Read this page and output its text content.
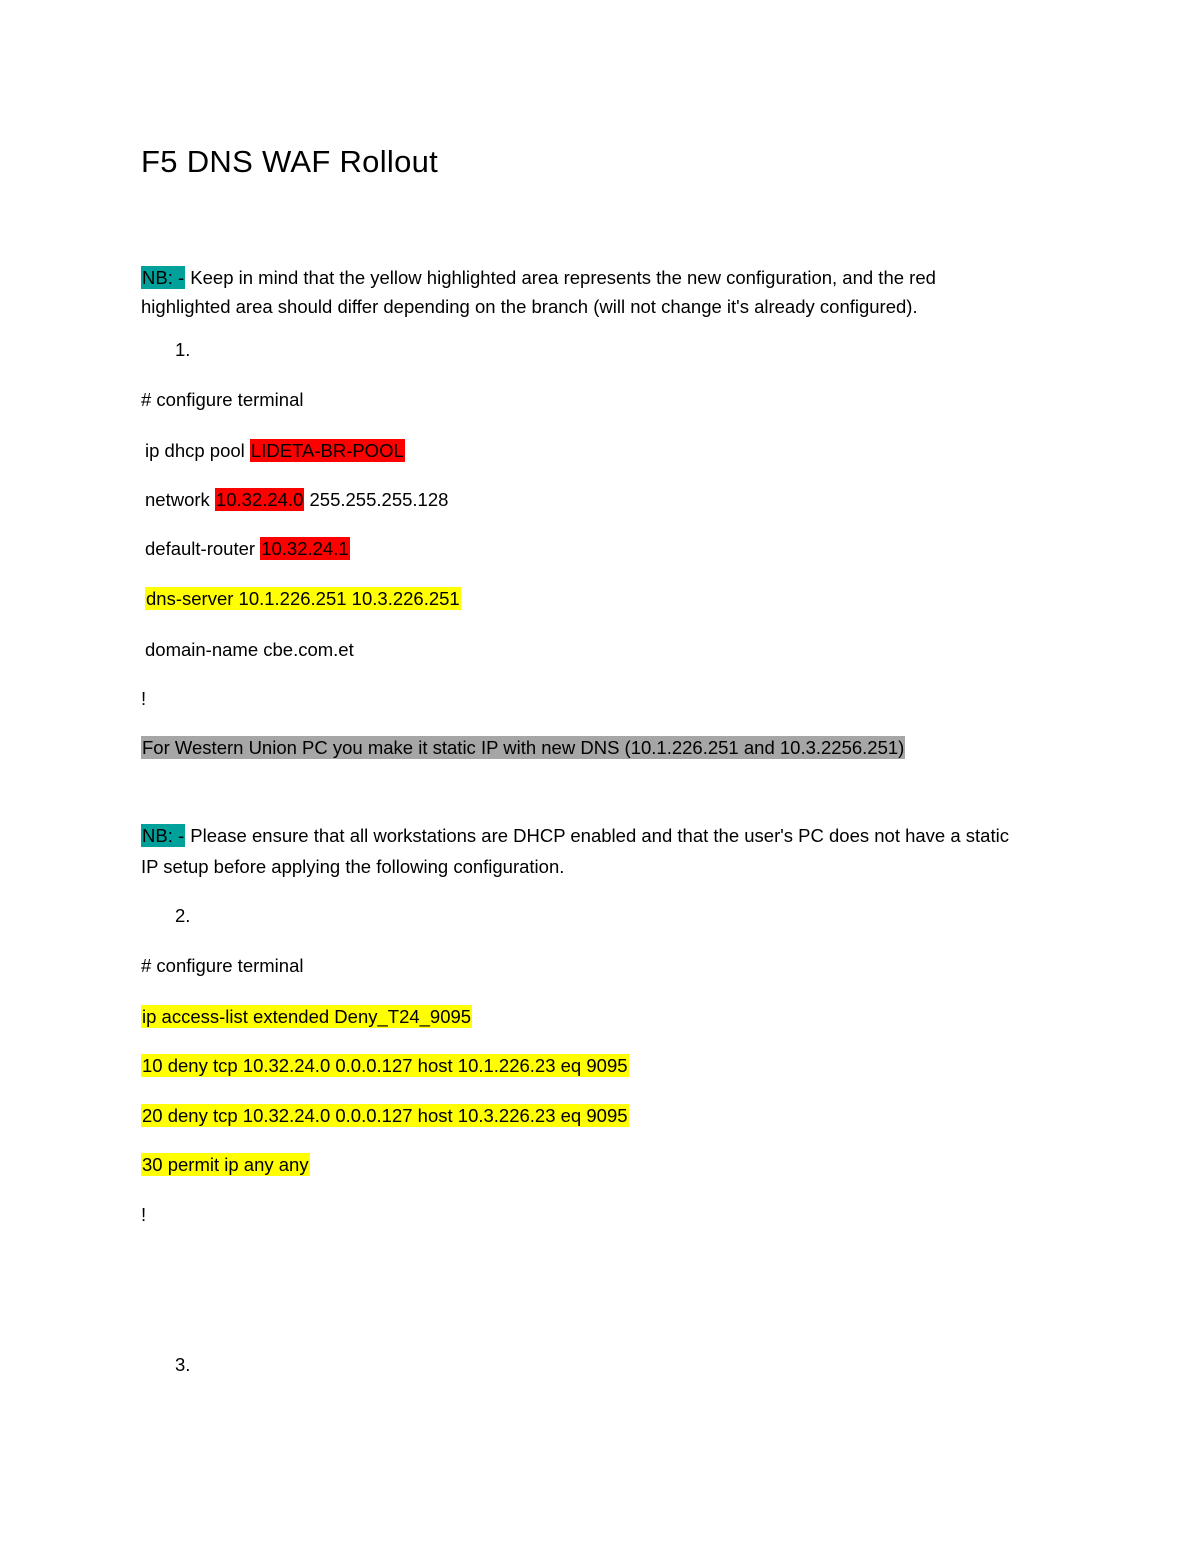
F5 DNS WAF Rollout
NB: - Keep in mind that the yellow highlighted area represents the new configuration, and the red
highlighted area should differ depending on the branch (will not change it's already configured).
1.
# configure terminal
ip dhcp pool LIDETA-BR-POOL
network 10.32.24.0 255.255.255.128
default-router 10.32.24.1
dns-server 10.1.226.251 10.3.226.251
domain-name cbe.com.et
!
For Western Union PC you make it static IP with new DNS (10.1.226.251 and 10.3.2256.251)
NB: - Please ensure that all workstations are DHCP enabled and that the user's PC does not have a static
IP setup before applying the following configuration.
2.
# configure terminal
ip access-list extended Deny_T24_9095
10 deny tcp 10.32.24.0 0.0.0.127 host 10.1.226.23 eq 9095
20 deny tcp 10.32.24.0 0.0.0.127 host 10.3.226.23 eq 9095
30 permit ip any any
!
3.
